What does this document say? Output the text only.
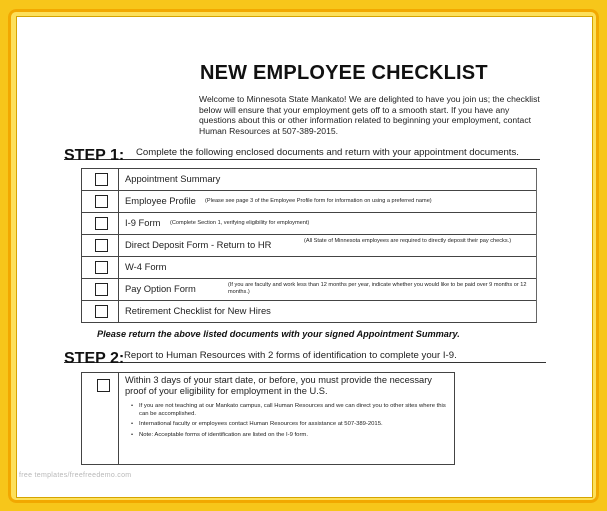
NEW EMPLOYEE CHECKLIST
Welcome to Minnesota State Mankato! We are delighted to have you join us; the checklist below will ensure that your employment gets off to a smooth start. If you have any questions about this or other information related to beginning your employment, contact Human Resources at 507-389-2015.
STEP 1: Complete the following enclosed documents and return with your appointment documents.
Appointment Summary
Employee Profile (Please see page 3 of the Employee Profile form for information on using a preferred name)
I-9 Form (Complete Section 1, verifying eligibility for employment)
Direct Deposit Form - Return to HR	(All State of Minnesota employees are required to directly deposit their pay checks.)
W-4 Form
Pay Option Form	(If you are faculty and work less than 12 months per year, indicate whether you would like to be paid over 9 months or 12 months.)
Retirement Checklist for New Hires
Please return the above listed documents with your signed Appointment Summary.
STEP 2: Report to Human Resources with 2 forms of identification to complete your I-9.
Within 3 days of your start date, or before, you must provide the necessary proof of your eligibility for employment in the U.S.
• If you are not teaching at our Mankato campus, call Human Resources and we can direct you to other sites where this can be accomplished.
• International faculty or employees contact Human Resources for assistance at 507-389-2015.
• Note: Acceptable forms of identification are listed on the I-9 form.
free templates/freefreedemo.com
